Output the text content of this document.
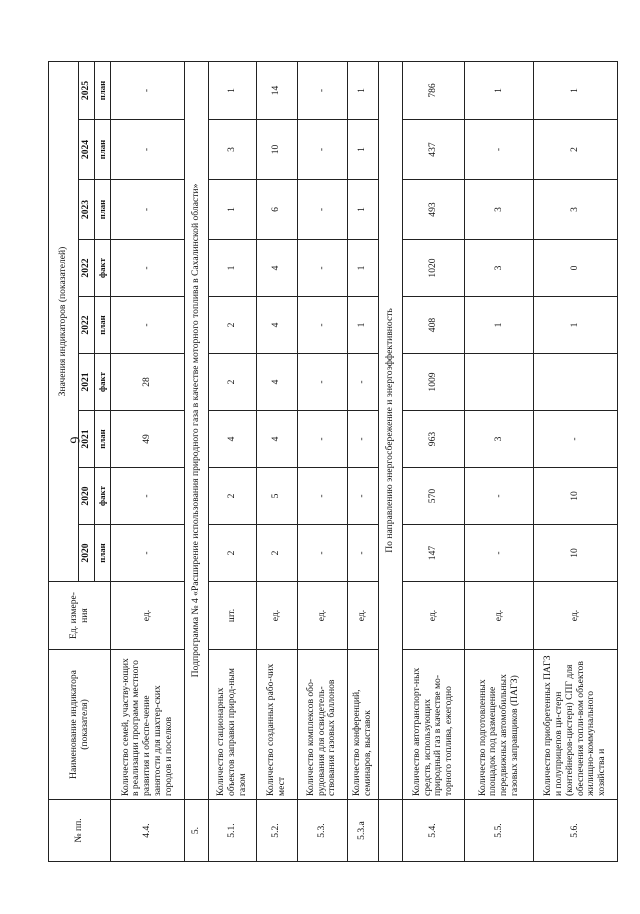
6
№ пп.	Наименование индикатора (показателя)	Ед. измере-ния	Значения индикаторов (показателей)								
			2020	2020	2021	2021	2022	2022	2023	2024	2025
			план	факт	план	факт	план	факт	план	план	план
4.4.	Количество семей, участву-ющих в реализации программ местного развития и обеспе-чение занятости для шахтер-ских городов и поселков	ед.	-	-	49	28	-	-	-	-	-
5.	Подпрограмма № 4 «Расширение использования природного газа в качестве моторного топлива в Сахалинской области»										
5.1.	Количество стационарных объектов заправки природ-ным газом	шт.	2	2	4	2	2	1	1	3	1
5.2.	Количество созданных рабо-чих мест	ед.	2	5	4	4	4	4	6	10	14
5.3.	Количество комплексов обо-рудования для освидетель-ствования газовых баллонов	ед.	-	-	-	-	-	-	-	-	-
5.3.а	Количество конференций, семинаров, выставок	ед.	-	-	-	-	1	1	1	1	1
	По направлению энергосбережение и энергоэффективность										
5.4.	Количество автотранспорт-ных средств, использующих природный газ в качестве мо-торного топлива, ежегодно	ед.	147	570	963	1009	408	1020	493	437	786
5.5.	Количество подготовленных площадок под размещение передвижных автомобильных газовых заправщиков (ПАГЗ)	ед.	-	-	3		1	3	3	-	1
5.6.	Количество приобретенных ПАГЗ и полуприцепов ци-стерн (контейнеров-цистерн) СПГ для обеспечения топли-вом объектов жилищно-коммунального хозяйства и	ед.	10	10	-		1	0	3	2	1
